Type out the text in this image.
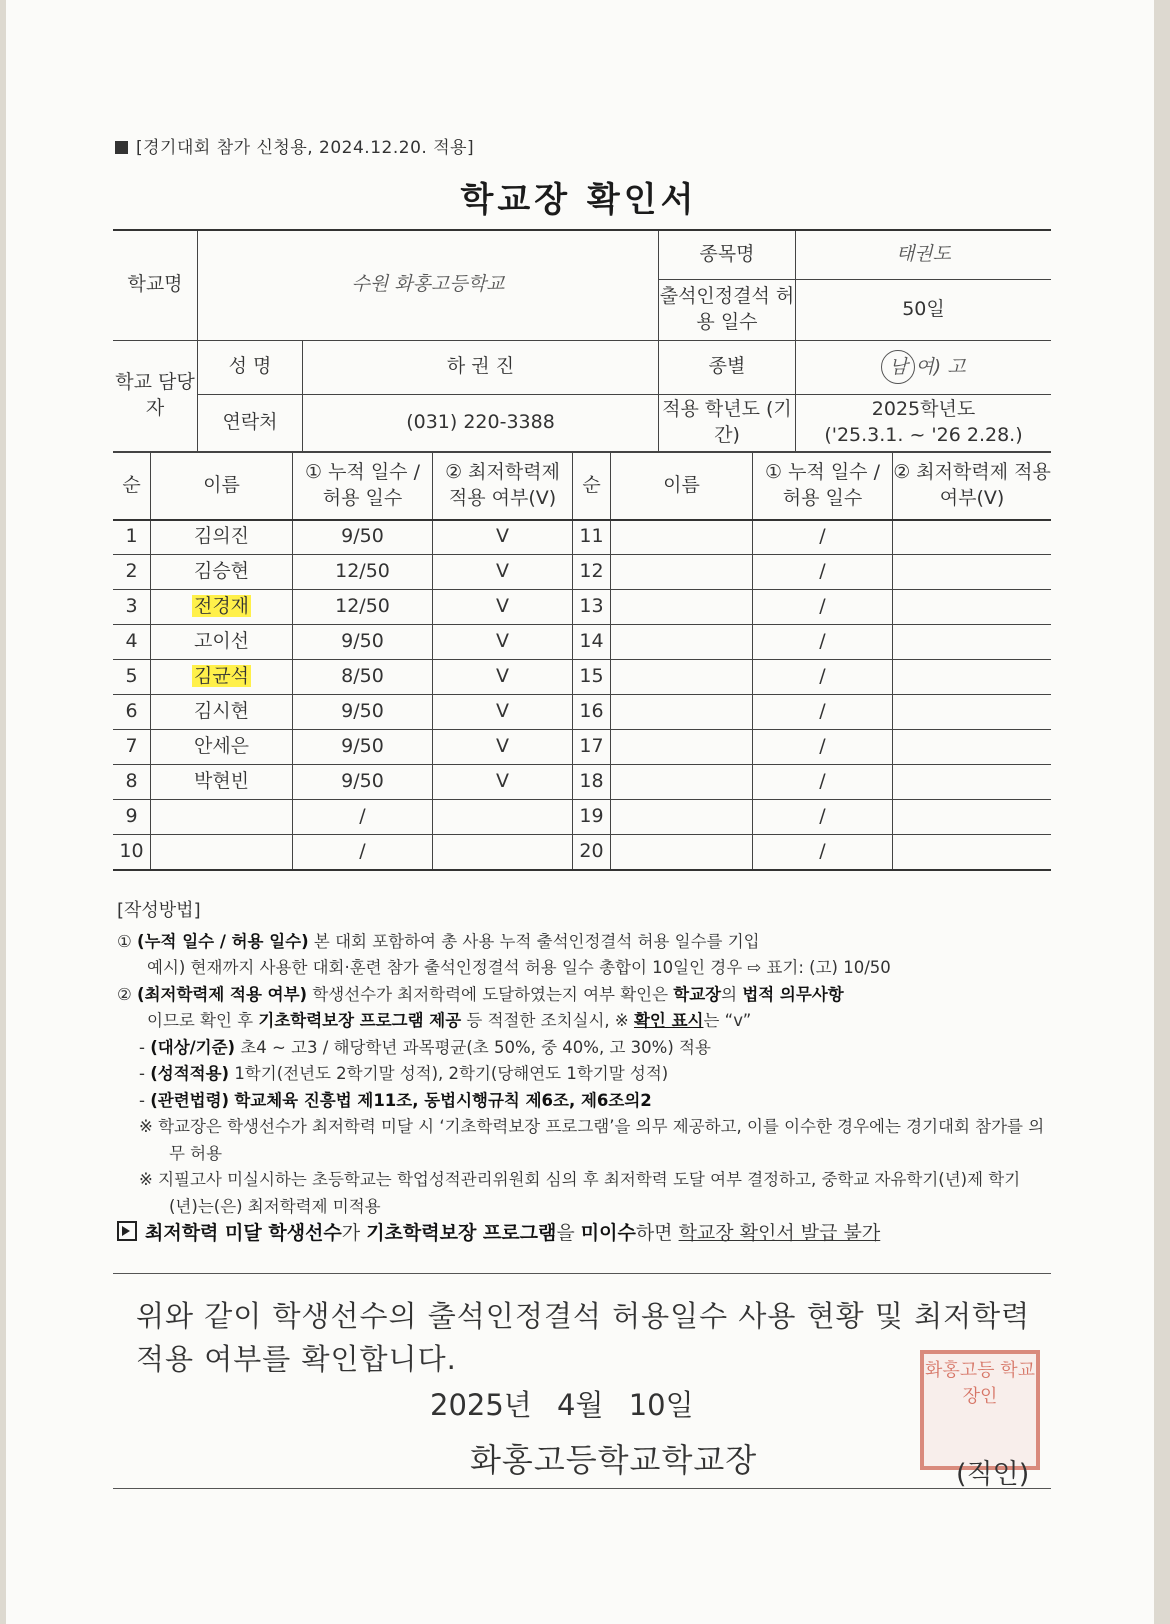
[경기대회 참가 신청용, 2024.12.20. 적용]
학교장 확인서
학교명	수원 화홍고등학교		종목명	태권도
			출석인정결석 허용 일수	50일
학교 담당자	성 명	하 권 진	종별	남 여) 고
	연락처	(031) 220-3388	적용 학년도 (기간)	2025학년도
('25.3.1. ~ '26 2.28.)
순	이름	① 누적 일수 / 허용 일수	② 최저학력제 적용 여부(V)	순	이름	① 누적 일수 / 허용 일수	② 최저학력제 적용 여부(V)
1	김의진	9/50	V	11		/	
2	김승현	12/50	V	12		/	
3	전경재	12/50	V	13		/	
4	고이선	9/50	V	14		/	
5	김균석	8/50	V	15		/	
6	김시현	9/50	V	16		/	
7	안세은	9/50	V	17		/	
8	박현빈	9/50	V	18		/	
9		/		19		/	
10		/		20		/	

[작성방법]

① (누적 일수 / 허용 일수) 본 대회 포함하여 총 사용 누적 출석인정결석 허용 일수를 기입

예시) 현재까지 사용한 대회·훈련 참가 출석인정결석 허용 일수 총합이 10일인 경우 ⇨ 표기: (고) 10/50

② (최저학력제 적용 여부) 학생선수가 최저학력에 도달하였는지 여부 확인은 학교장의 법적 의무사항

이므로 확인 후 기초학력보장 프로그램 제공 등 적절한 조치실시, ※ 확인 표시는 “v”

- (대상/기준) 초4 ~ 고3 / 해당학년 과목평균(초 50%, 중 40%, 고 30%) 적용

- (성적적용) 1학기(전년도 2학기말 성적), 2학기(당해연도 1학기말 성적)

- (관련법령) 학교체육 진흥법 제11조, 동법시행규칙 제6조, 제6조의2

※ 학교장은 학생선수가 최저학력 미달 시 ‘기초학력보장 프로그램’을 의무 제공하고, 이를 이수한 경우에는 경기대회 참가를 의무 허용

※ 지필고사 미실시하는 초등학교는 학업성적관리위원회 심의 후 최저학력 도달 여부 결정하고, 중학교 자유학기(년)제 학기(년)는(은) 최저학력제 미적용

최저학력 미달 학생선수가 기초학력보장 프로그램을 미이수하면 학교장 확인서 발급 불가

위와 같이 학생선수의 출석인정결석 허용일수 사용 현황 및 최저학력 적용 여부를 확인합니다.
2025년 4월 10일
화홍고등학교학교장
화홍고등 학교장인
(직인)
